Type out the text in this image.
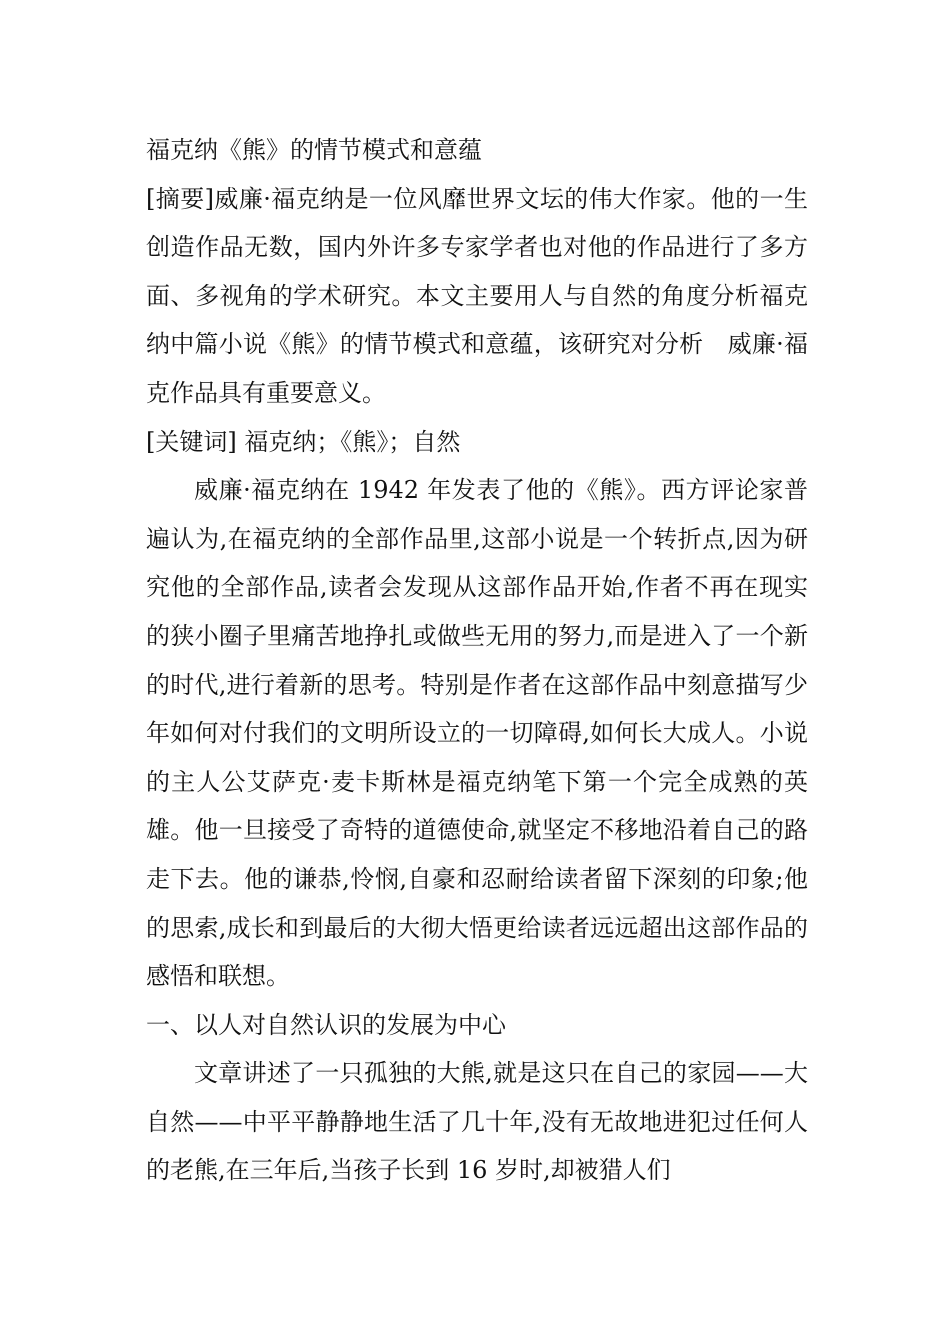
福克纳《熊》的情节模式和意蕴

[摘要]威廉·福克纳是一位风靡世界文坛的伟大作家。他的一生创造作品无数，国内外许多专家学者也对他的作品进行了多方面、多视角的学术研究。本文主要用人与自然的角度分析福克纳中篇小说《熊》的情节模式和意蕴，该研究对分析 威廉·福克作品具有重要意义。

[关键词] 福克纳；《熊》；自然

威廉·福克纳在 1942 年发表了他的《熊》。西方评论家普遍认为,在福克纳的全部作品里,这部小说是一个转折点,因为研究他的全部作品,读者会发现从这部作品开始,作者不再在现实的狭小圈子里痛苦地挣扎或做些无用的努力,而是进入了一个新的时代,进行着新的思考。特别是作者在这部作品中刻意描写少年如何对付我们的文明所设立的一切障碍,如何长大成人。小说的主人公艾萨克·麦卡斯林是福克纳笔下第一个完全成熟的英雄。他一旦接受了奇特的道德使命,就坚定不移地沿着自己的路走下去。他的谦恭,怜悯,自豪和忍耐给读者留下深刻的印象;他的思索,成长和到最后的大彻大悟更给读者远远超出这部作品的感悟和联想。

一、以人对自然认识的发展为中心

文章讲述了一只孤独的大熊,就是这只在自己的家园——大自然——中平平静静地生活了几十年,没有无故地进犯过任何人的老熊,在三年后,当孩子长到 16 岁时,却被猎人们
